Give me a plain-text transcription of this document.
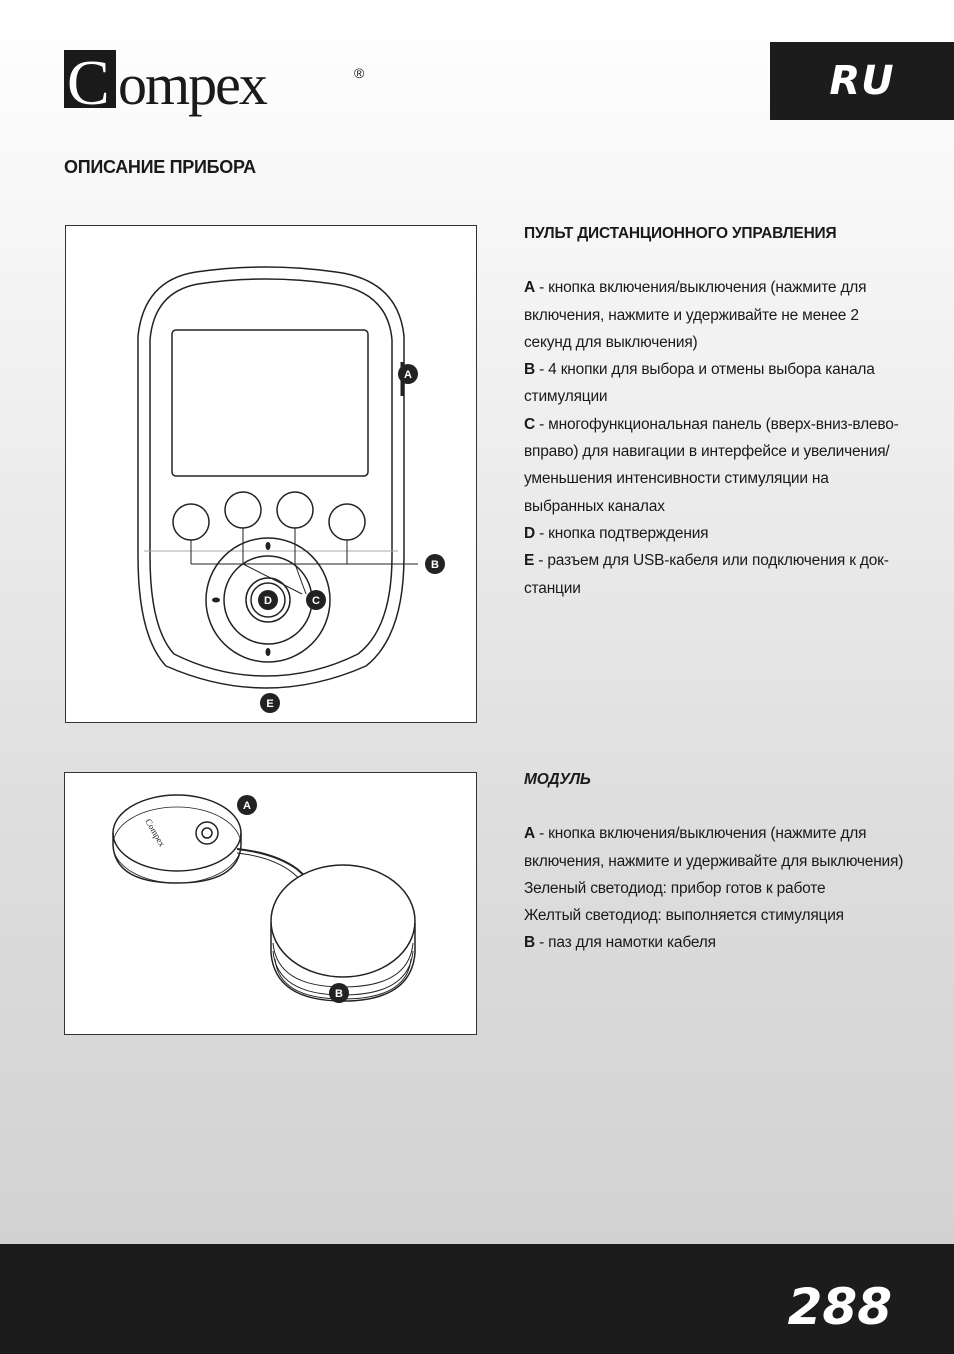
C ompex	®	RU
ОПИСАНИЕ ПРИБОРА
A
B
C
D
E
ПУЛЬТ ДИСТАНЦИОННОГО УПРАВЛЕНИЯ

A - кнопка включения/выключения (нажмите для включения, нажмите и удерживайте не менее 2 секунд для выключения)

B - 4 кнопки для выбора и отмены выбора канала стимуляции

C - многофункциональная панель (вверх-вниз-влево-вправо) для навигации в интерфейсе и увеличения/уменьшения интенсивности стимуляции на выбранных каналах

D - кнопка подтверждения

E - разъем для USB-кабеля или подключения к док-станции

Compex
A
B
МОДУЛЬ

A - кнопка включения/выключения (нажмите для включения, нажмите и удерживайте для выключения)

Зеленый светодиод: прибор готов к работе

Желтый светодиод: выполняется стимуляция

B - паз для намотки кабеля

288
